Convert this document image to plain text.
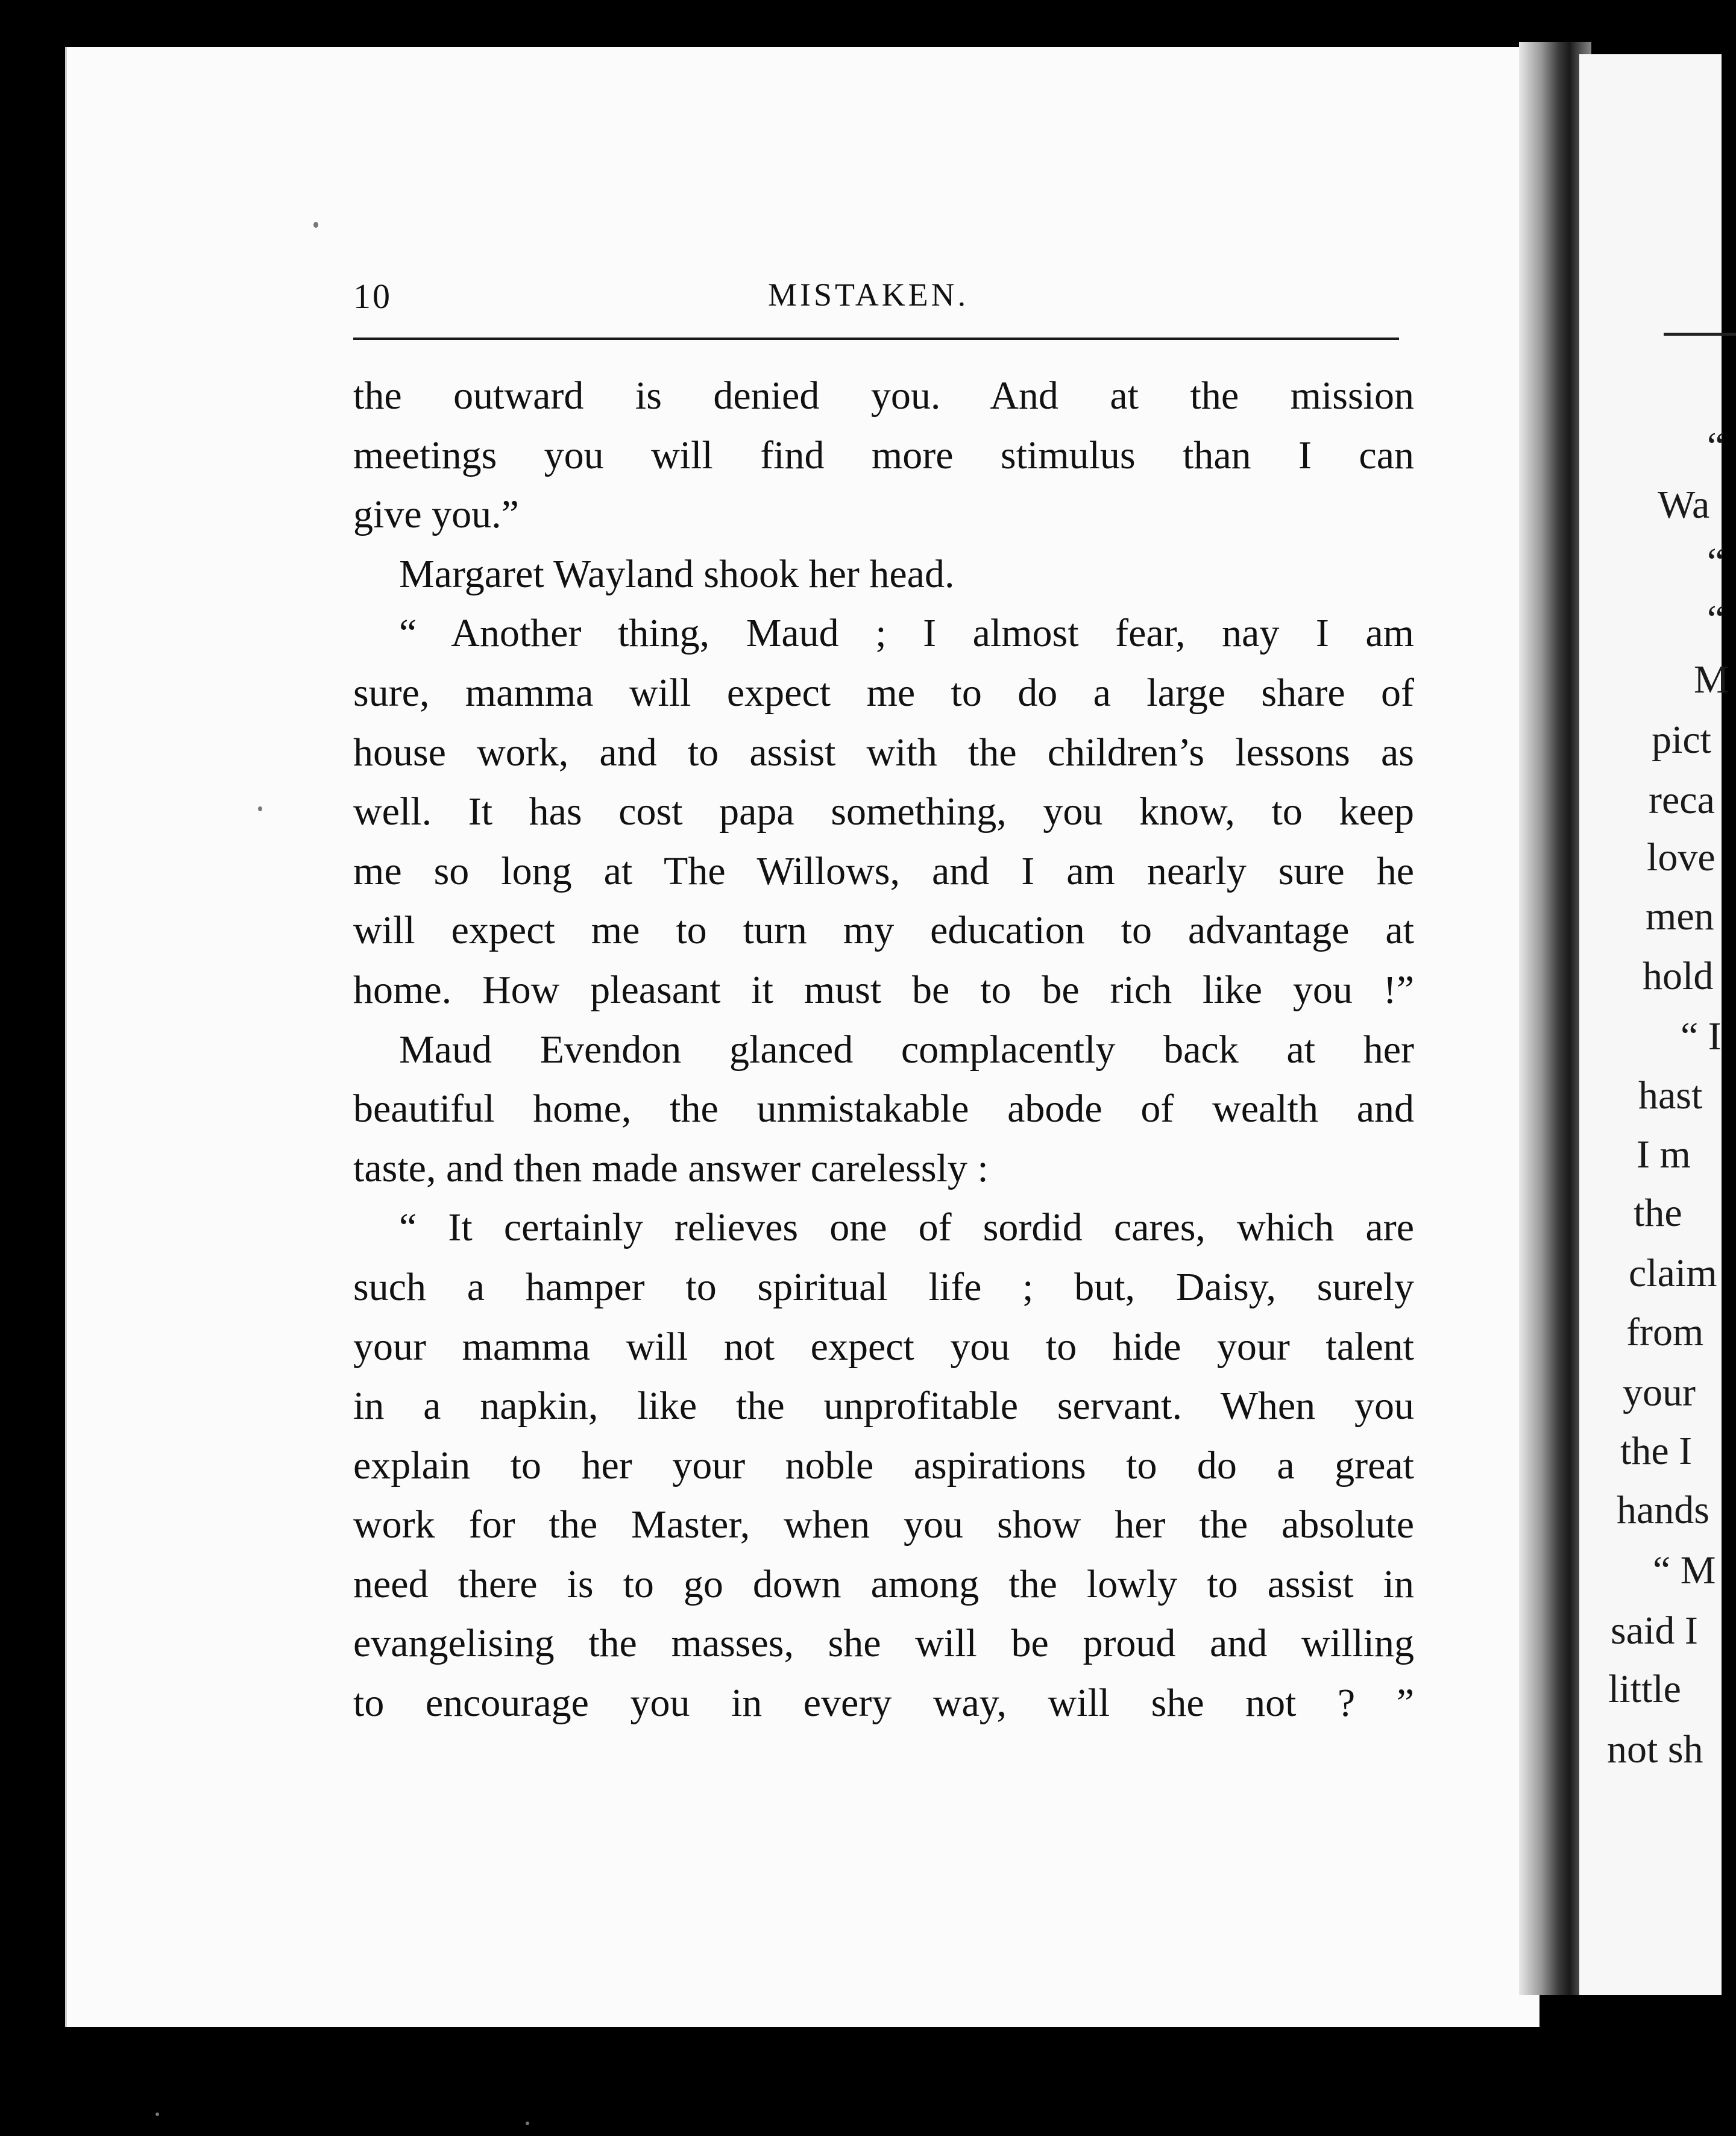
“
Wa
“
“
M
pict
reca
love
men
hold
“ I
hast
I m
the
claim
from
your
the I
hands
“ M
said I
little
not sh
10	MISTAKEN.
the outward is denied you. And at the mission
meetings you will find more stimulus than I can
give you.”
Margaret Wayland shook her head.
“ Another thing, Maud ; I almost fear, nay I am
sure, mamma will expect me to do a large share of
house work, and to assist with the children’s lessons as
well. It has cost papa something, you know, to keep
me so long at The Willows, and I am nearly sure he
will expect me to turn my education to advantage at
home. How pleasant it must be to be rich like you !”
Maud Evendon glanced complacently back at her
beautiful home, the unmistakable abode of wealth and
taste, and then made answer carelessly :
“ It certainly relieves one of sordid cares, which are
such a hamper to spiritual life ; but, Daisy, surely
your mamma will not expect you to hide your talent
in a napkin, like the unprofitable servant. When you
explain to her your noble aspirations to do a great
work for the Master, when you show her the absolute
need there is to go down among the lowly to assist in
evangelising the masses, she will be proud and willing
to encourage you in every way, will she not ? ”
